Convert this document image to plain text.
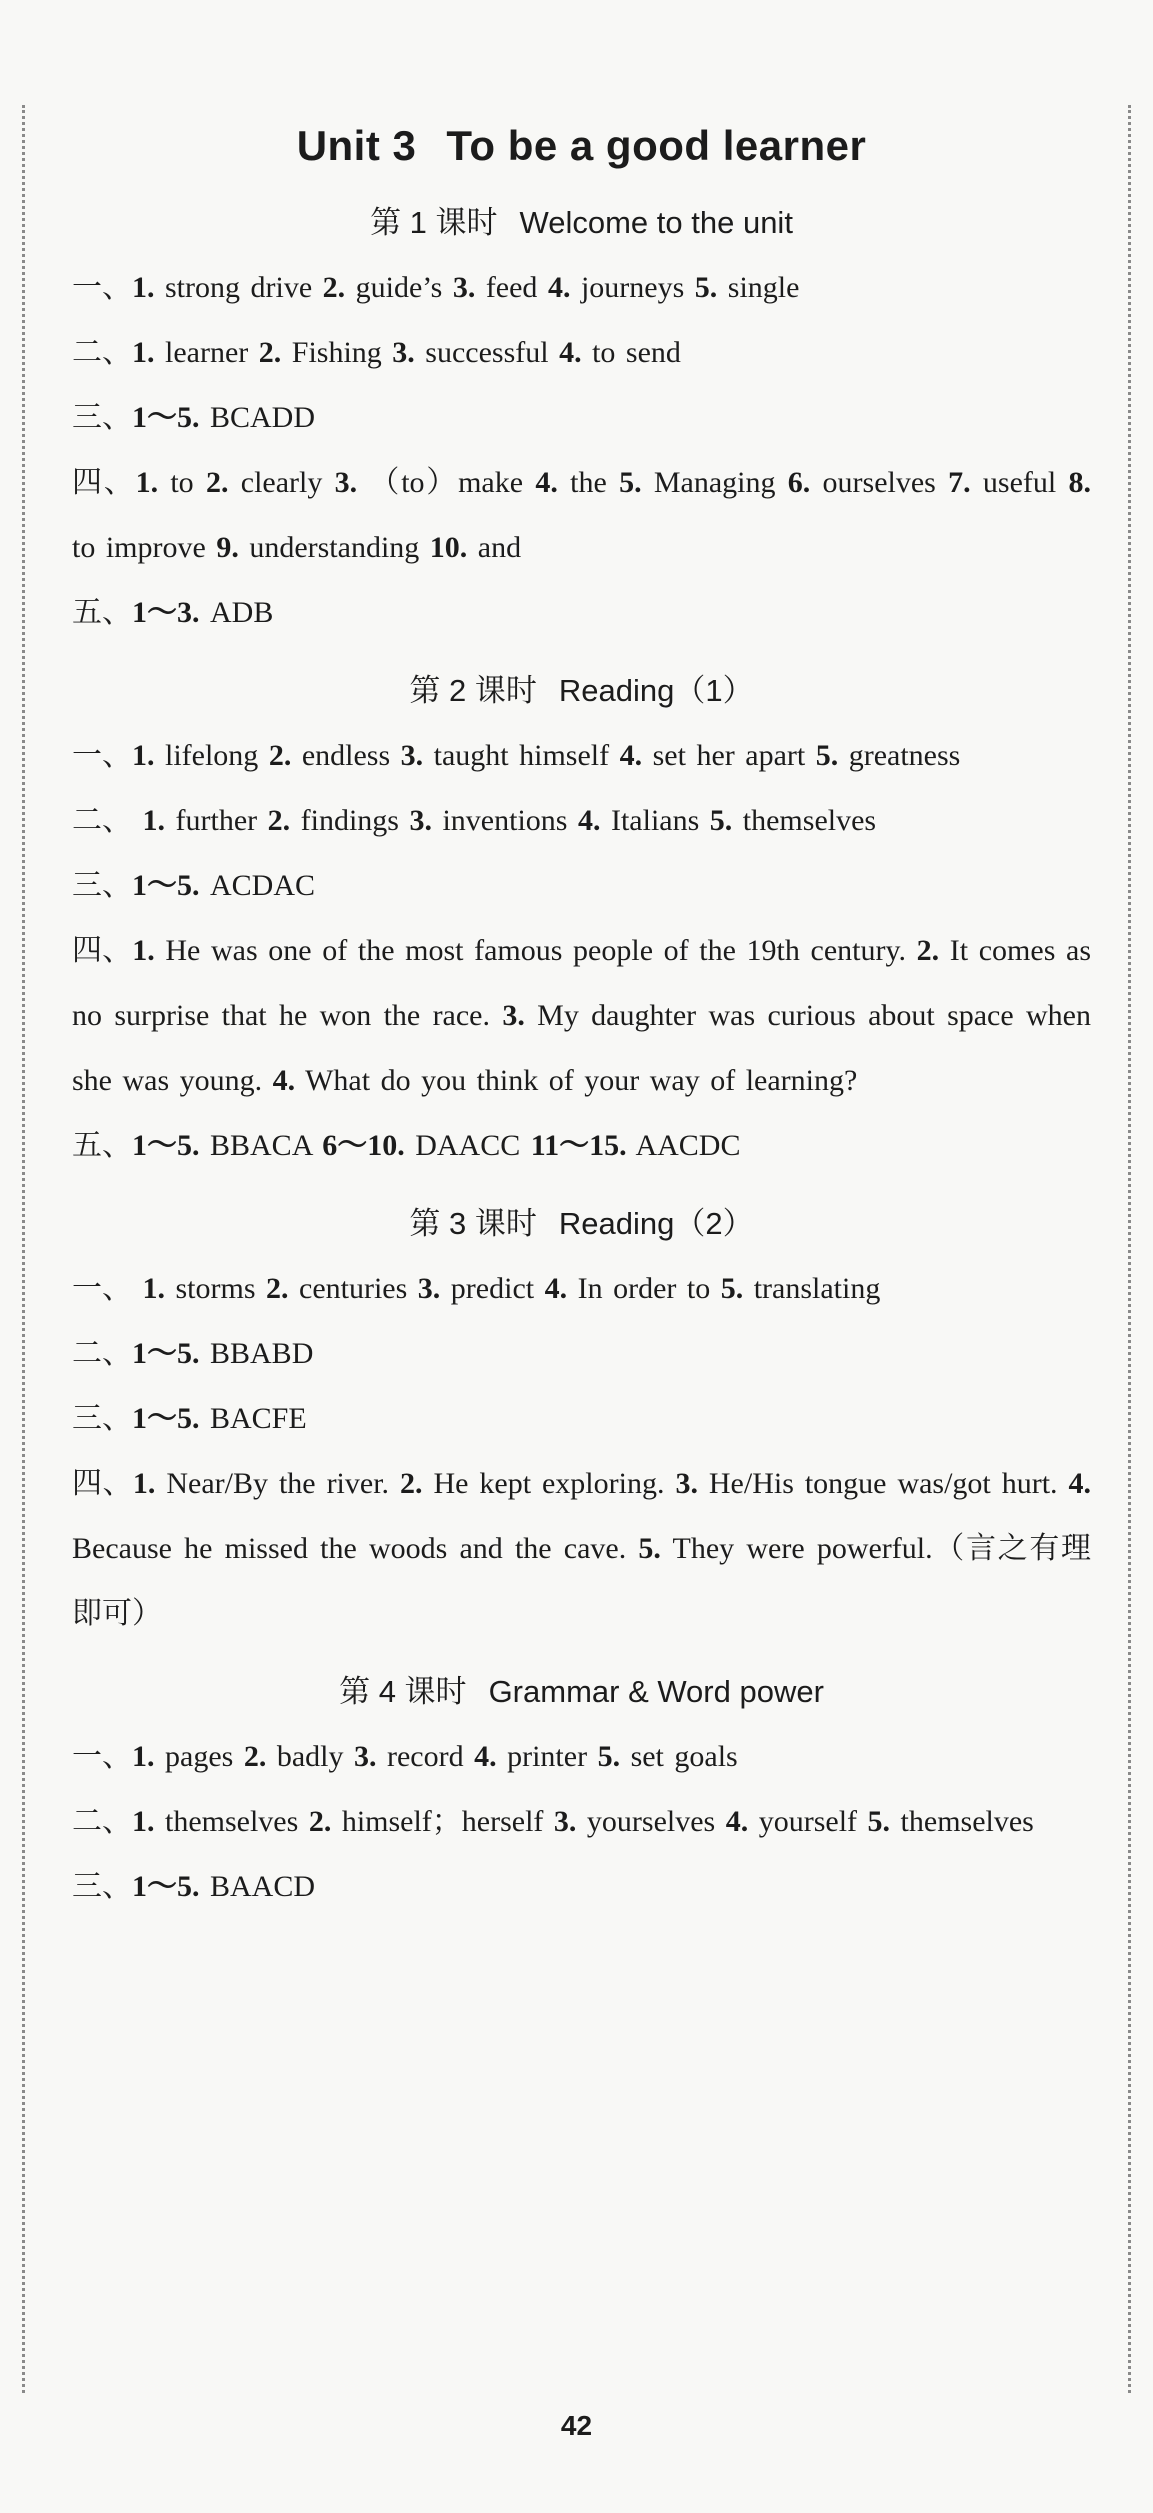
Unit 3 To be a good learner
第 1 课时 Welcome to the unit
一、1. strong drive 2. guide’s 3. feed 4. journeys 5. single
二、1. learner 2. Fishing 3. successful 4. to send
三、1～5. BCADD
四、1. to 2. clearly 3. （to）make 4. the 5. Managing 6. ourselves 7. useful 8. to improve 9. understanding 10. and
五、1～3. ADB
第 2 课时 Reading（1）
一、1. lifelong 2. endless 3. taught himself 4. set her apart 5. greatness
二、 1. further 2. findings 3. inventions 4. Italians 5. themselves
三、1～5. ACDAC
四、1. He was one of the most famous people of the 19th century. 2. It comes as no surprise that he won the race. 3. My daughter was curious about space when she was young. 4. What do you think of your way of learning?
五、1～5. BBACA 6～10. DAACC 11～15. AACDC
第 3 课时 Reading（2）
一、 1. storms 2. centuries 3. predict 4. In order to 5. translating
二、1～5. BBABD
三、1～5. BACFE
四、1. Near/By the river. 2. He kept exploring. 3. He/His tongue was/got hurt. 4. Because he missed the woods and the cave. 5. They were powerful.（言之有理即可）
第 4 课时 Grammar & Word power
一、1. pages 2. badly 3. record 4. printer 5. set goals
二、1. themselves 2. himself；herself 3. yourselves 4. yourself 5. themselves
三、1～5. BAACD
42
